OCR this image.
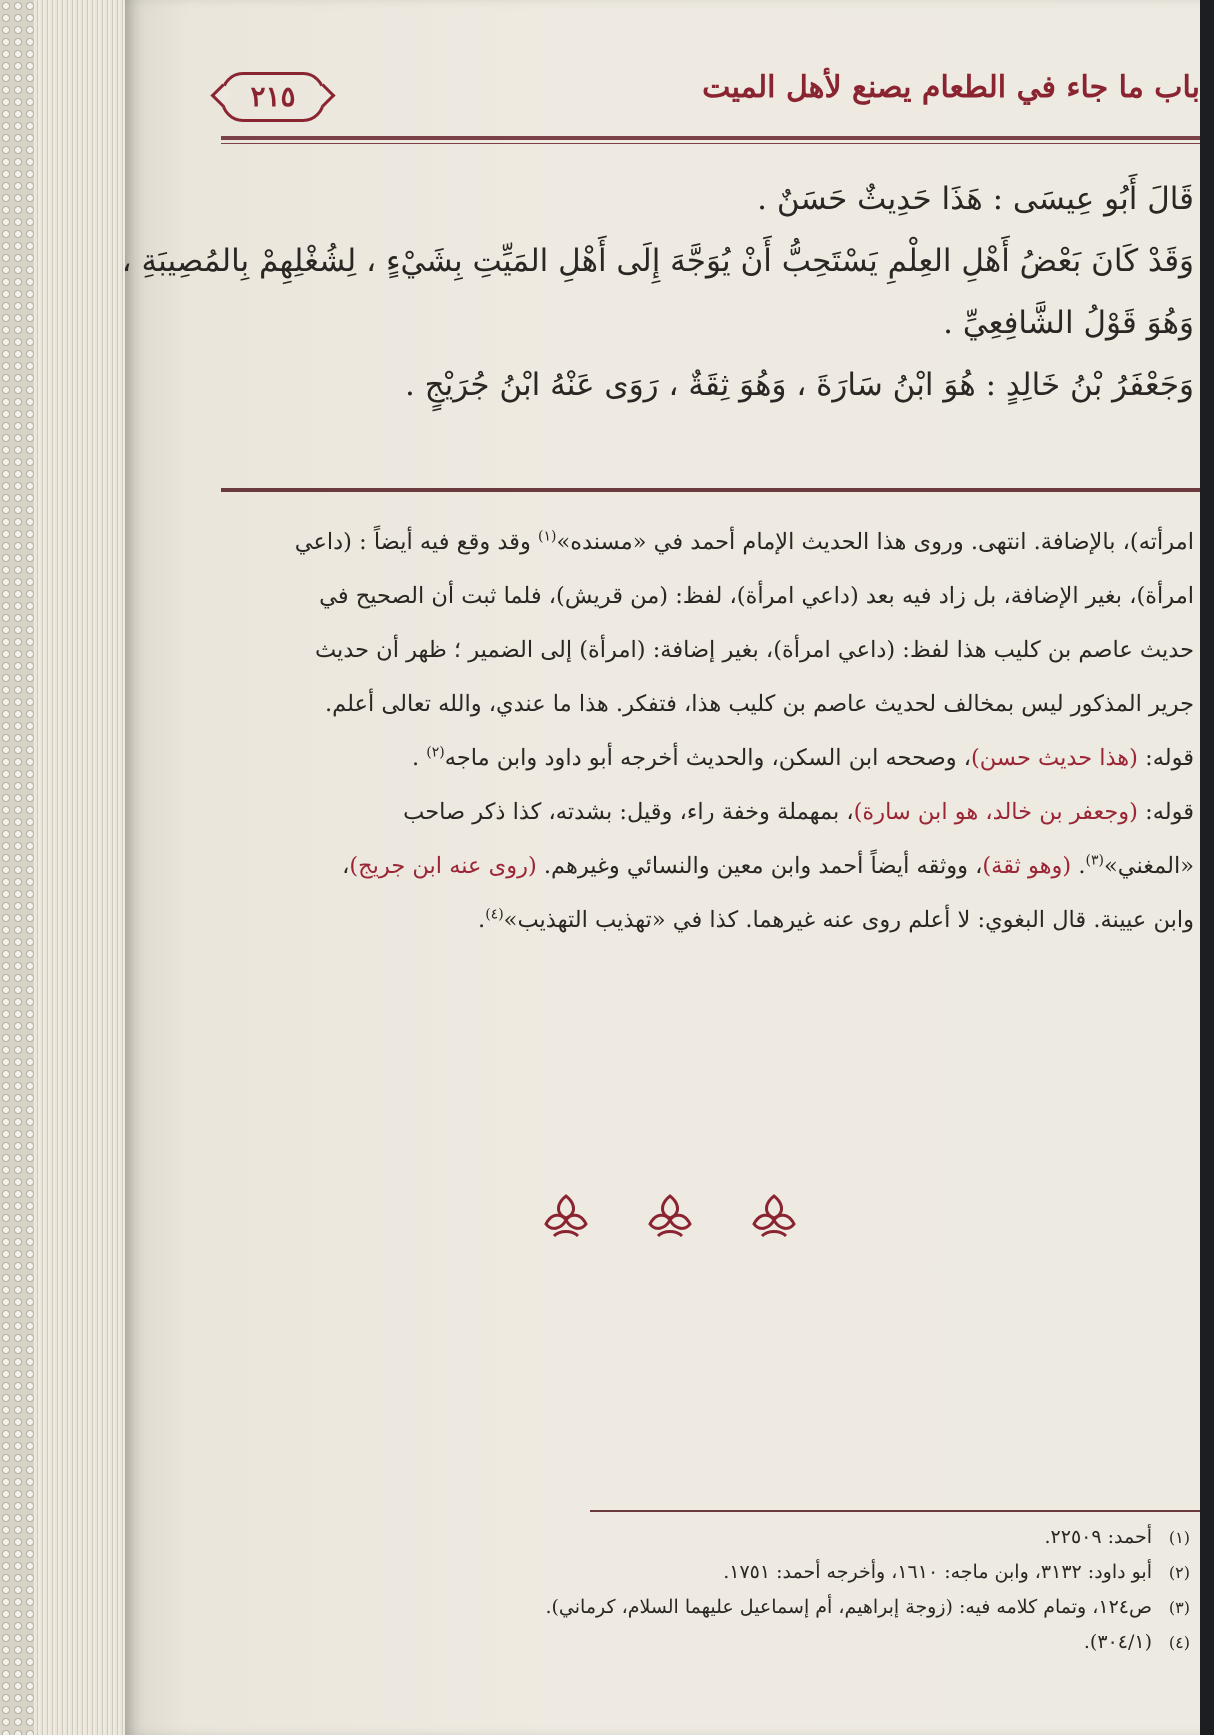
باب ما جاء في الطعام يصنع لأهل الميت
٢١٥

قَالَ أَبُو عِيسَى : هَذَا حَدِيثٌ حَسَنٌ .

وَقَدْ كَانَ بَعْضُ أَهْلِ العِلْمِ يَسْتَحِبُّ أَنْ يُوَجَّهَ إِلَى أَهْلِ المَيِّتِ بِشَيْءٍ ، لِشُغْلِهِمْ بِالمُصِيبَةِ ،

وَهُوَ قَوْلُ الشَّافِعِيِّ .

وَجَعْفَرُ بْنُ خَالِدٍ : هُوَ ابْنُ سَارَةَ ، وَهُوَ ثِقَةٌ ، رَوَى عَنْهُ ابْنُ جُرَيْجٍ .

امرأته)، بالإضافة. انتهى. وروى هذا الحديث الإمام أحمد في «مسنده»$^{(١)}$ وقد وقع فيه أيضاً : (داعي

امرأة)، بغير الإضافة، بل زاد فيه بعد (داعي امرأة)، لفظ: (من قريش)، فلما ثبت أن الصحيح في

حديث عاصم بن كليب هذا لفظ: (داعي امرأة)، بغير إضافة: (امرأة) إلى الضمير ؛ ظهر أن حديث

جرير المذكور ليس بمخالف لحديث عاصم بن كليب هذا، فتفكر. هذا ما عندي، والله تعالى أعلم.

قوله: (هذا حديث حسن)، وصححه ابن السكن، والحديث أخرجه أبو داود وابن ماجه$^{(٢)}$ .

قوله: (وجعفر بن خالد، هو ابن سارة)، بمهملة وخفة راء، وقيل: بشدته، كذا ذكر صاحب

«المغني»$^{(٣)}$. (وهو ثقة)، ووثقه أيضاً أحمد وابن معين والنسائي وغيرهم. (روى عنه ابن جريج)،

وابن عيينة. قال البغوي: لا أعلم روى عنه غيرهما. كذا في «تهذيب التهذيب»$^{(٤)}$.

(١)أحمد: ٢٢٥٠٩.

(٢)أبو داود: ٣١٣٢، وابن ماجه: ١٦١٠، وأخرجه أحمد: ١٧٥١.

(٣)ص١٢٤، وتمام كلامه فيه: (زوجة إبراهيم، أم إسماعيل عليهما السلام، كرماني).

(٤)(٣٠٤/١).
